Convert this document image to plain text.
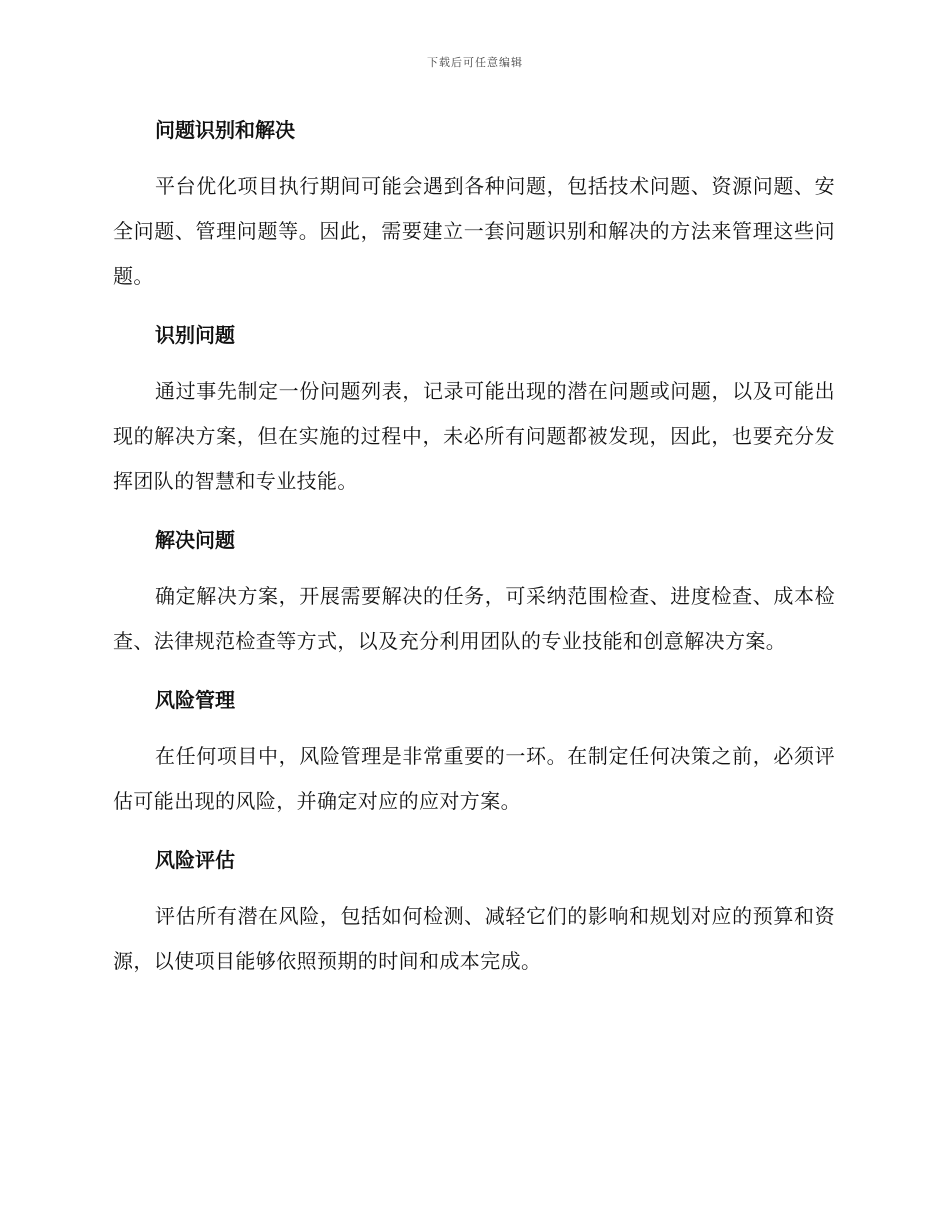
下载后可任意编辑
问题识别和解决
平台优化项目执行期间可能会遇到各种问题，包括技术问题、资源问题、安全问题、管理问题等。因此，需要建立一套问题识别和解决的方法来管理这些问题。
识别问题
通过事先制定一份问题列表，记录可能出现的潜在问题或问题，以及可能出现的解决方案，但在实施的过程中，未必所有问题都被发现，因此，也要充分发挥团队的智慧和专业技能。
解决问题
确定解决方案，开展需要解决的任务，可采纳范围检查、进度检查、成本检查、法律规范检查等方式，以及充分利用团队的专业技能和创意解决方案。
风险管理
在任何项目中，风险管理是非常重要的一环。在制定任何决策之前，必须评估可能出现的风险，并确定对应的应对方案。
风险评估
评估所有潜在风险，包括如何检测、减轻它们的影响和规划对应的预算和资源，以使项目能够依照预期的时间和成本完成。
